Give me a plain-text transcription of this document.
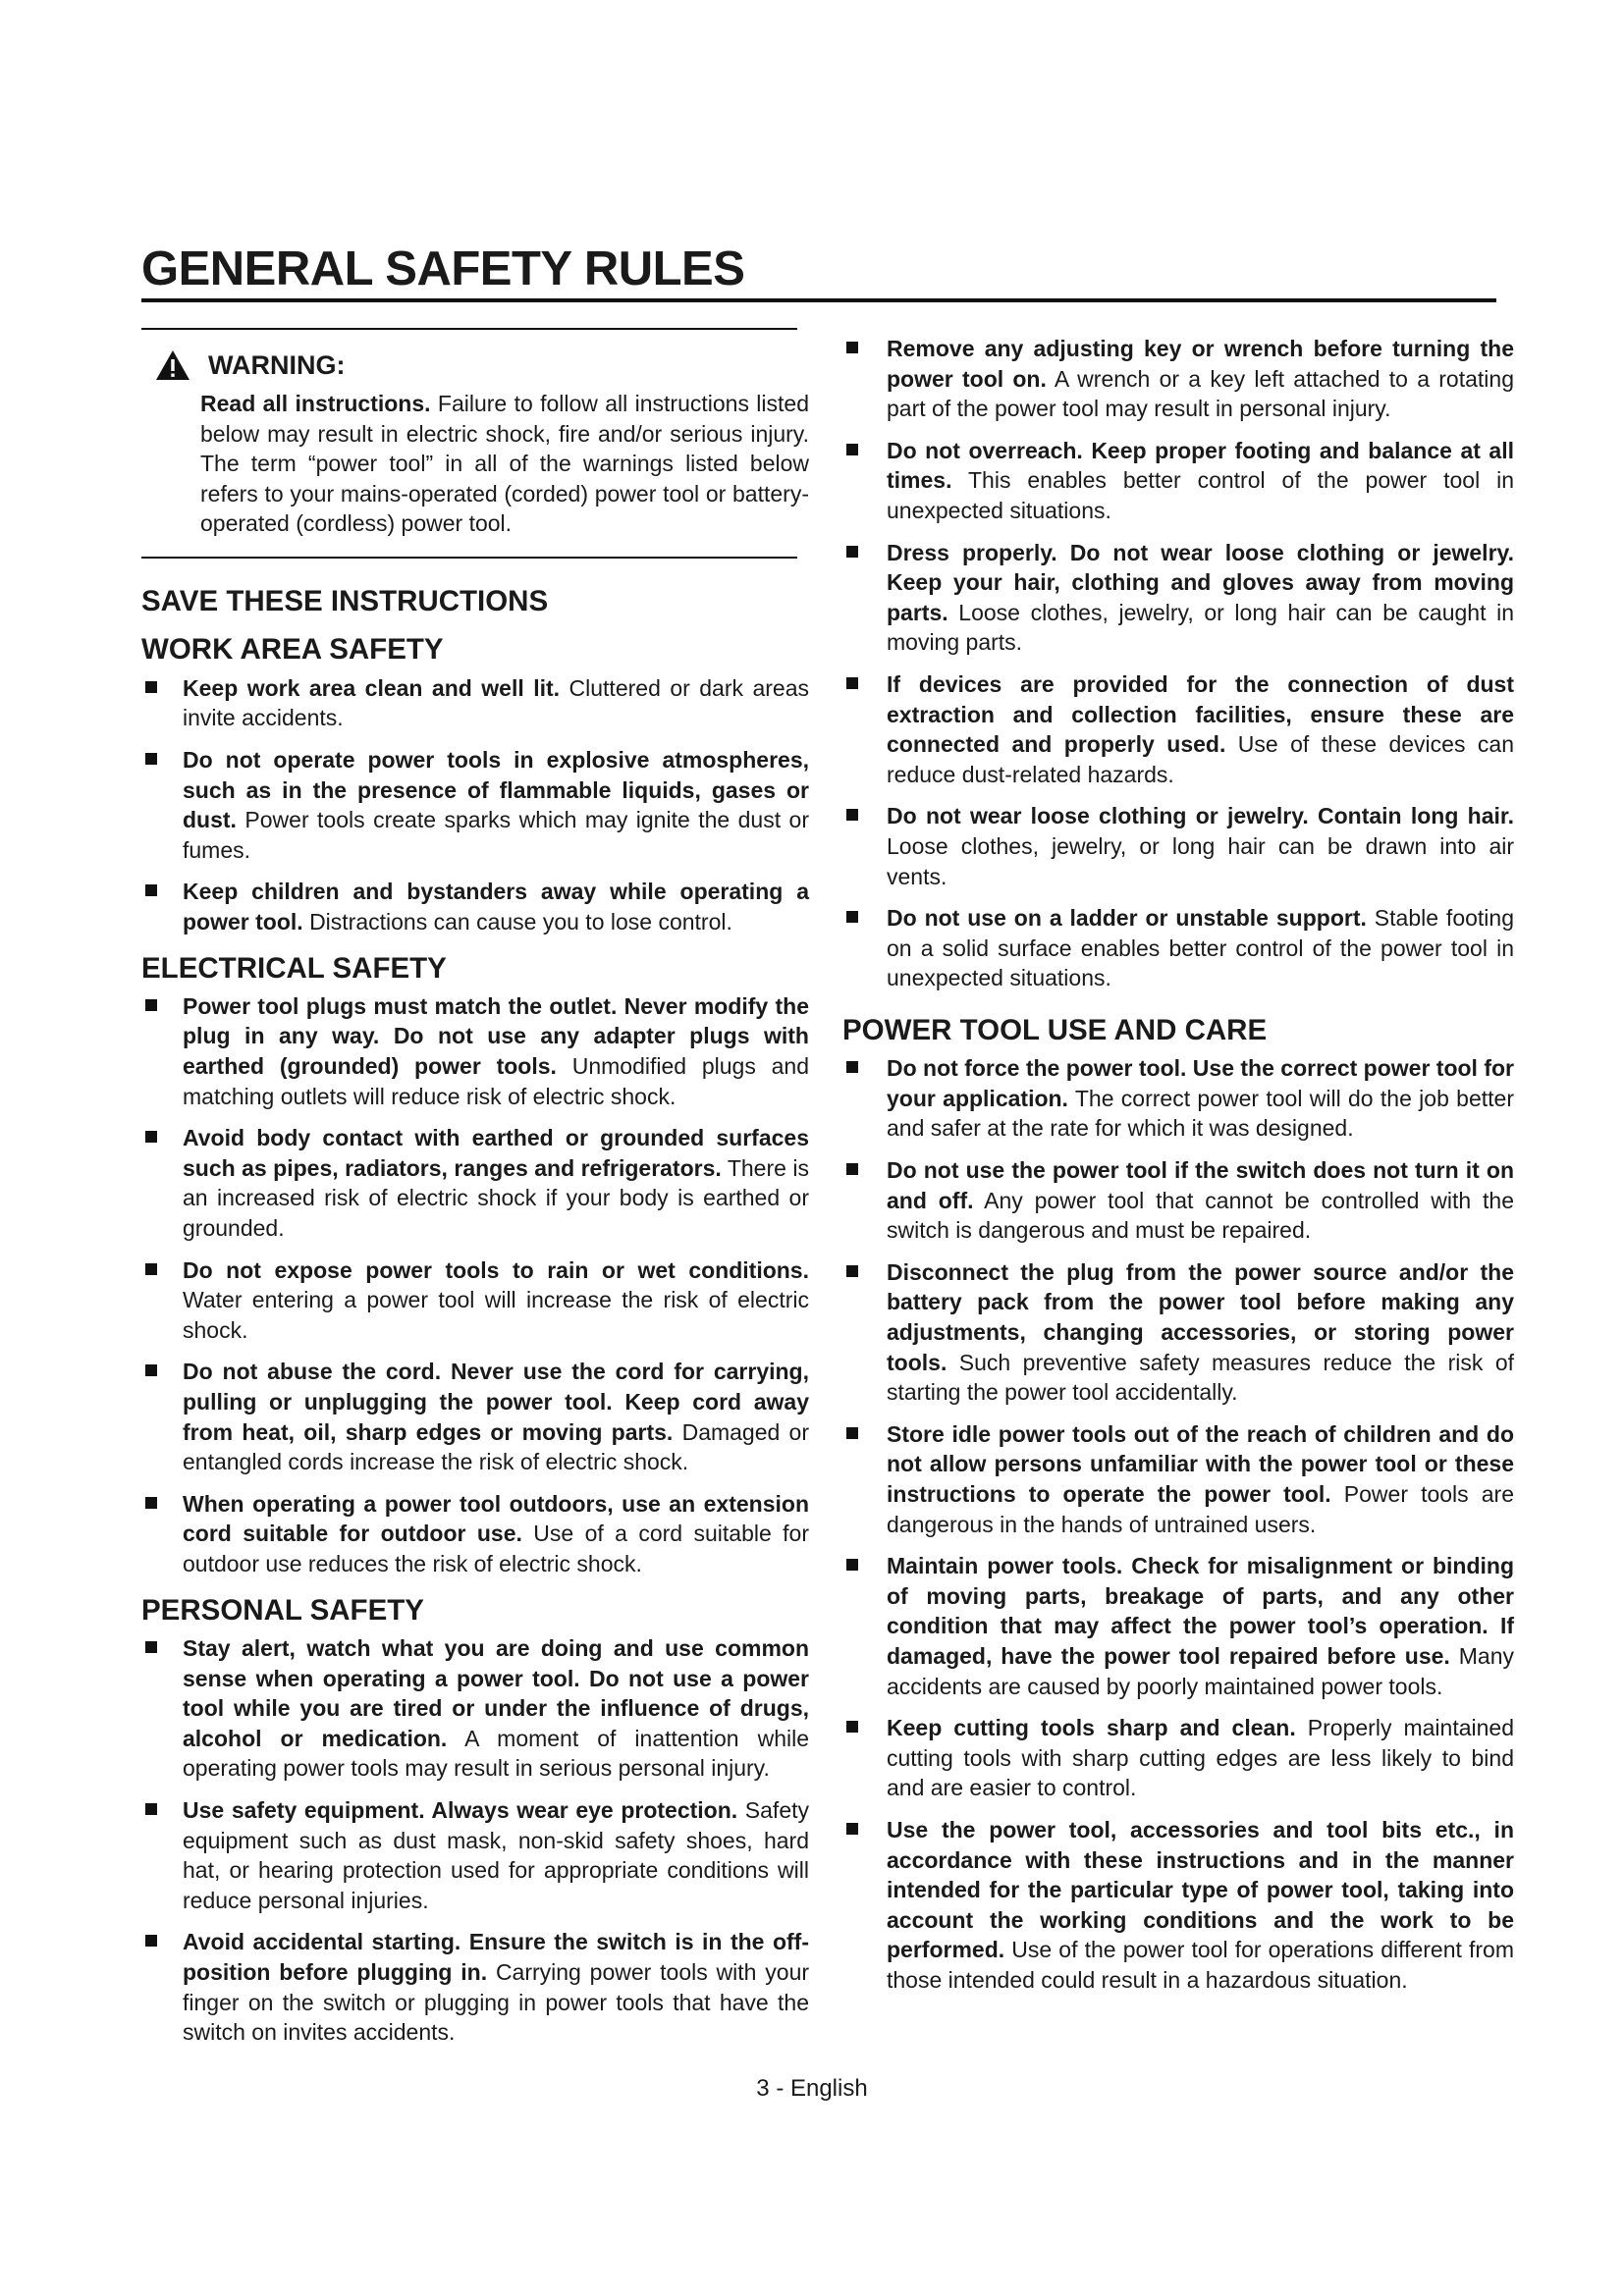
GENERAL SAFETY RULES
WARNING:

Read all instructions. Failure to follow all instructions listed below may result in electric shock, fire and/or serious injury. The term “power tool” in all of the warnings listed below refers to your mains-operated (corded) power tool or battery-operated (cordless) power tool.

SAVE THESE INSTRUCTIONS
WORK AREA SAFETY
Keep work area clean and well lit. Cluttered or dark areas invite accidents.
Do not operate power tools in explosive atmospheres, such as in the presence of flammable liquids, gases or dust. Power tools create sparks which may ignite the dust or fumes.
Keep children and bystanders away while operating a power tool. Distractions can cause you to lose control.
ELECTRICAL SAFETY
Power tool plugs must match the outlet. Never modify the plug in any way. Do not use any adapter plugs with earthed (grounded) power tools. Unmodified plugs and matching outlets will reduce risk of electric shock.
Avoid body contact with earthed or grounded surfaces such as pipes, radiators, ranges and refrigerators. There is an increased risk of electric shock if your body is earthed or grounded.
Do not expose power tools to rain or wet conditions. Water entering a power tool will increase the risk of electric shock.
Do not abuse the cord. Never use the cord for carrying, pulling or unplugging the power tool. Keep cord away from heat, oil, sharp edges or moving parts. Damaged or entangled cords increase the risk of electric shock.
When operating a power tool outdoors, use an extension cord suitable for outdoor use. Use of a cord suitable for outdoor use reduces the risk of electric shock.
PERSONAL SAFETY
Stay alert, watch what you are doing and use common sense when operating a power tool. Do not use a power tool while you are tired or under the influence of drugs, alcohol or medication. A moment of inattention while operating power tools may result in serious personal injury.
Use safety equipment. Always wear eye protection. Safety equipment such as dust mask, non-skid safety shoes, hard hat, or hearing protection used for appropriate conditions will reduce personal injuries.
Avoid accidental starting. Ensure the switch is in the off-position before plugging in. Carrying power tools with your finger on the switch or plugging in power tools that have the switch on invites accidents.
Remove any adjusting key or wrench before turning the power tool on. A wrench or a key left attached to a rotating part of the power tool may result in personal injury.
Do not overreach. Keep proper footing and balance at all times. This enables better control of the power tool in unexpected situations.
Dress properly. Do not wear loose clothing or jewelry. Keep your hair, clothing and gloves away from moving parts. Loose clothes, jewelry, or long hair can be caught in moving parts.
If devices are provided for the connection of dust extraction and collection facilities, ensure these are connected and properly used. Use of these devices can reduce dust-related hazards.
Do not wear loose clothing or jewelry. Contain long hair. Loose clothes, jewelry, or long hair can be drawn into air vents.
Do not use on a ladder or unstable support. Stable footing on a solid surface enables better control of the power tool in unexpected situations.
POWER TOOL USE AND CARE
Do not force the power tool. Use the correct power tool for your application. The correct power tool will do the job better and safer at the rate for which it was designed.
Do not use the power tool if the switch does not turn it on and off. Any power tool that cannot be controlled with the switch is dangerous and must be repaired.
Disconnect the plug from the power source and/or the battery pack from the power tool before making any adjustments, changing accessories, or storing power tools. Such preventive safety measures reduce the risk of starting the power tool accidentally.
Store idle power tools out of the reach of children and do not allow persons unfamiliar with the power tool or these instructions to operate the power tool. Power tools are dangerous in the hands of untrained users.
Maintain power tools. Check for misalignment or binding of moving parts, breakage of parts, and any other condition that may affect the power tool’s operation. If damaged, have the power tool repaired before use. Many accidents are caused by poorly maintained power tools.
Keep cutting tools sharp and clean. Properly maintained cutting tools with sharp cutting edges are less likely to bind and are easier to control.
Use the power tool, accessories and tool bits etc., in accordance with these instructions and in the manner intended for the particular type of power tool, taking into account the working conditions and the work to be performed. Use of the power tool for operations different from those intended could result in a hazardous situation.
3 - English
